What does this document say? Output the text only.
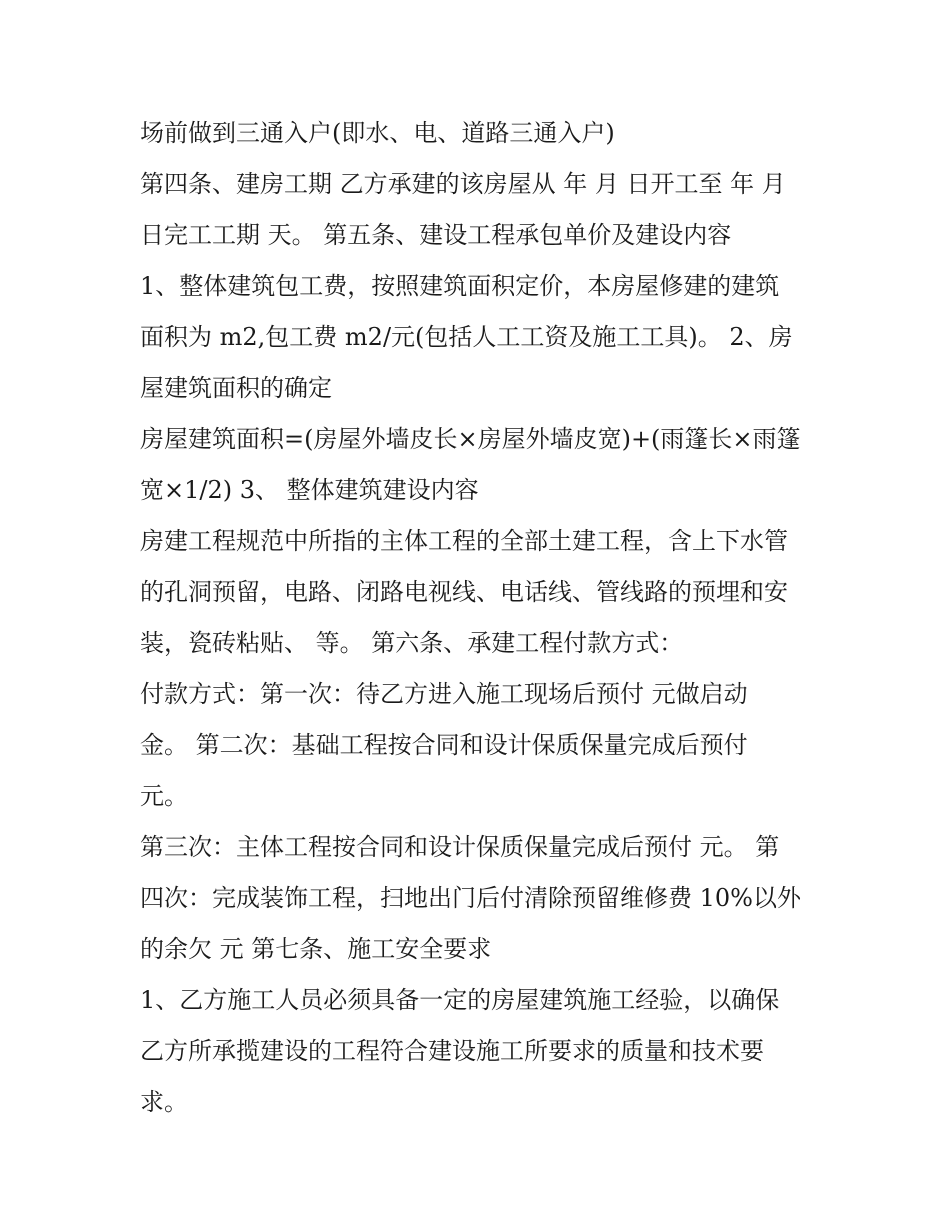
场前做到三通入户(即水、电、道路三通入户)
第四条、建房工期 乙方承建的该房屋从 年 月 日开工至 年 月
日完工工期 天。 第五条、建设工程承包单价及建设内容
1、整体建筑包工费，按照建筑面积定价，本房屋修建的建筑
面积为 m2,包工费 m2/元(包括人工工资及施工工具)。 2、房
屋建筑面积的确定
房屋建筑面积=(房屋外墙皮长×房屋外墙皮宽)+(雨篷长×雨篷
宽×1/2) 3、 整体建筑建设内容
房建工程规范中所指的主体工程的全部土建工程，含上下水管
的孔洞预留，电路、闭路电视线、电话线、管线路的预埋和安
装，瓷砖粘贴、 等。 第六条、承建工程付款方式：
付款方式：第一次：待乙方进入施工现场后预付 元做启动
金。 第二次：基础工程按合同和设计保质保量完成后预付
元。
第三次：主体工程按合同和设计保质保量完成后预付 元。 第
四次：完成装饰工程，扫地出门后付清除预留维修费 10%以外
的余欠 元 第七条、施工安全要求
1、乙方施工人员必须具备一定的房屋建筑施工经验，以确保
乙方所承揽建设的工程符合建设施工所要求的质量和技术要
求。
